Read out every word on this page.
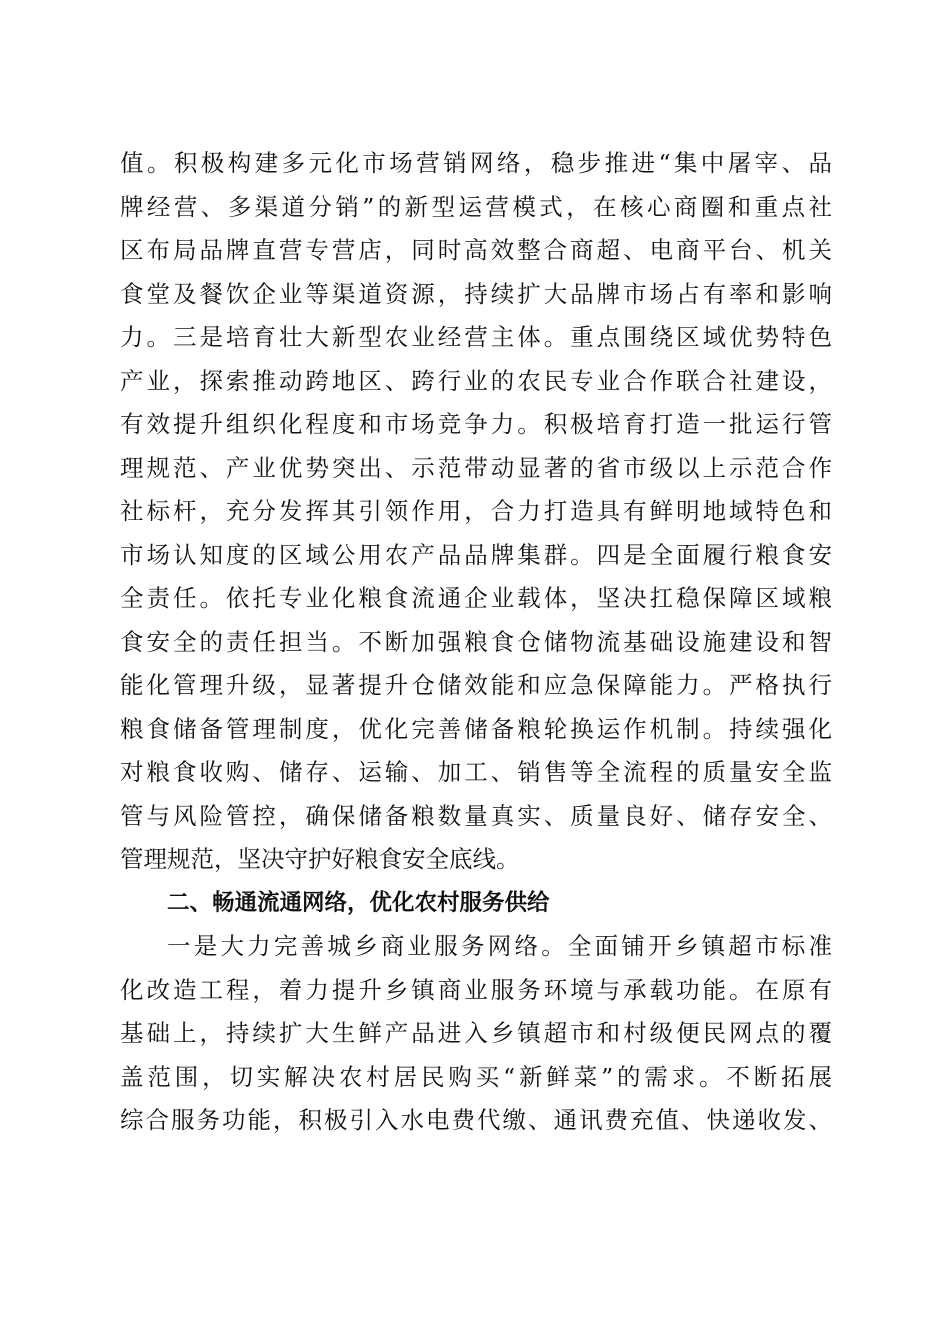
值。积极构建多元化市场营销网络，稳步推进“集中屠宰、品
牌经营、多渠道分销”的新型运营模式，在核心商圈和重点社
区布局品牌直营专营店，同时高效整合商超、电商平台、机关
食堂及餐饮企业等渠道资源，持续扩大品牌市场占有率和影响
力。三是培育壮大新型农业经营主体。重点围绕区域优势特色
产业，探索推动跨地区、跨行业的农民专业合作联合社建设，
有效提升组织化程度和市场竞争力。积极培育打造一批运行管
理规范、产业优势突出、示范带动显著的省市级以上示范合作
社标杆，充分发挥其引领作用，合力打造具有鲜明地域特色和
市场认知度的区域公用农产品品牌集群。四是全面履行粮食安
全责任。依托专业化粮食流通企业载体，坚决扛稳保障区域粮
食安全的责任担当。不断加强粮食仓储物流基础设施建设和智
能化管理升级，显著提升仓储效能和应急保障能力。严格执行
粮食储备管理制度，优化完善储备粮轮换运作机制。持续强化
对粮食收购、储存、运输、加工、销售等全流程的质量安全监
管与风险管控，确保储备粮数量真实、质量良好、储存安全、
管理规范，坚决守护好粮食安全底线。
二、畅通流通网络，优化农村服务供给
一是大力完善城乡商业服务网络。全面铺开乡镇超市标准
化改造工程，着力提升乡镇商业服务环境与承载功能。在原有
基础上，持续扩大生鲜产品进入乡镇超市和村级便民网点的覆
盖范围，切实解决农村居民购买“新鲜菜”的需求。不断拓展
综合服务功能，积极引入水电费代缴、通讯费充值、快递收发、
